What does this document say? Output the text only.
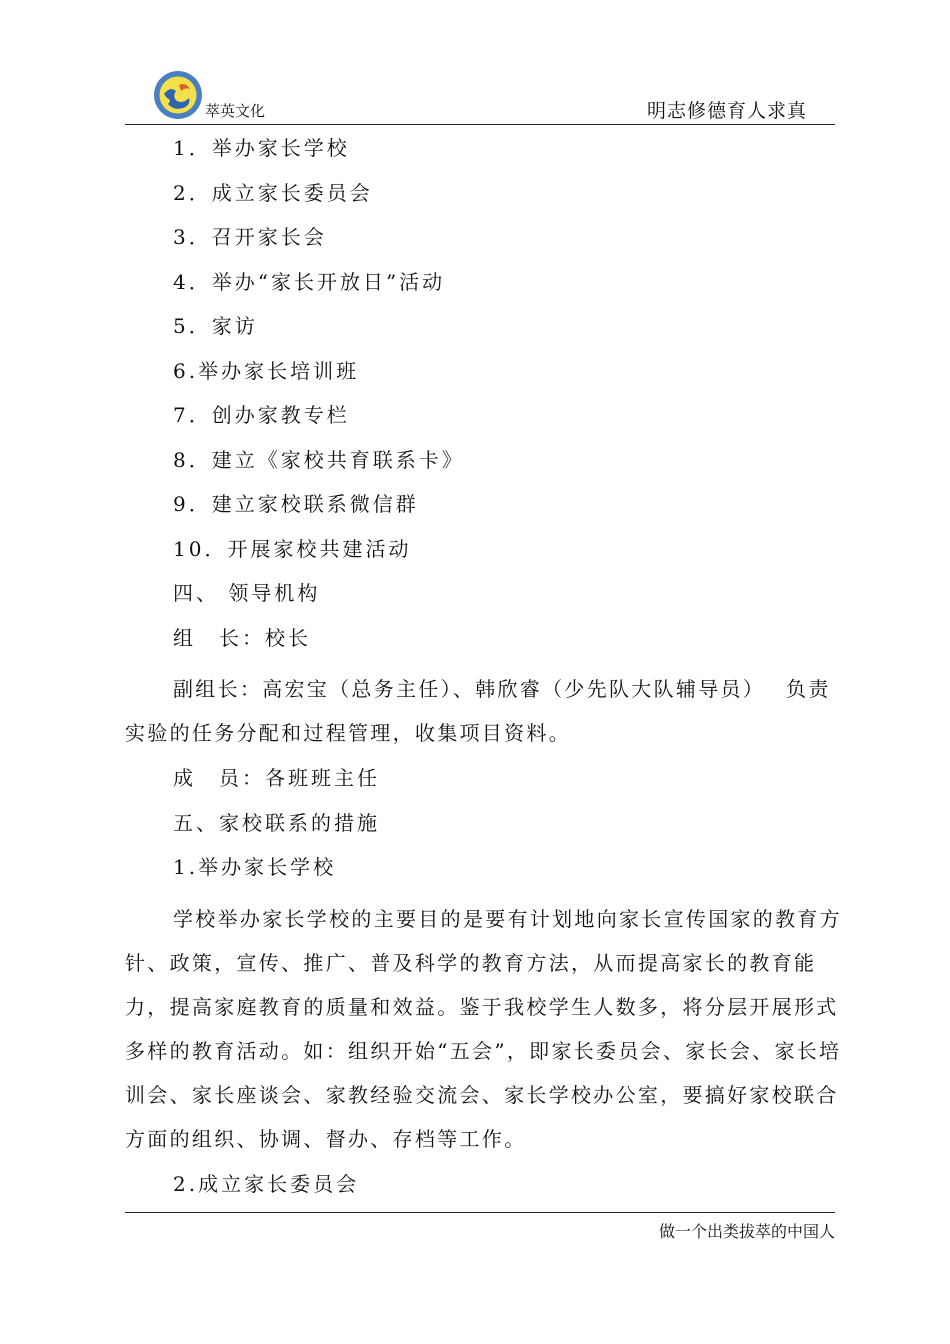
萃英文化	明志修德育人求真
1．举办家长学校
2．成立家长委员会
3．召开家长会
4．举办“家长开放日”活动
5．家访
6.举办家长培训班
7．创办家教专栏
8．建立《家校共育联系卡》
9．建立家校联系微信群
10．开展家校共建活动
四、 领导机构
组　长：校长

副组长：高宏宝（总务主任）、韩欣睿（少先队大队辅导员）　 负责实验的任务分配和过程管理，收集项目资料。

成　员：各班班主任
五、家校联系的措施
1.举办家长学校

学校举办家长学校的主要目的是要有计划地向家长宣传国家的教育方针、政策，宣传、推广、普及科学的教育方法，从而提高家长的教育能力，提高家庭教育的质量和效益。鉴于我校学生人数多，将分层开展形式多样的教育活动。如：组织开始“五会”，即家长委员会、家长会、家长培训会、家长座谈会、家教经验交流会、家长学校办公室，要搞好家校联合方面的组织、协调、督办、存档等工作。

2.成立家长委员会
做一个出类拔萃的中国人
